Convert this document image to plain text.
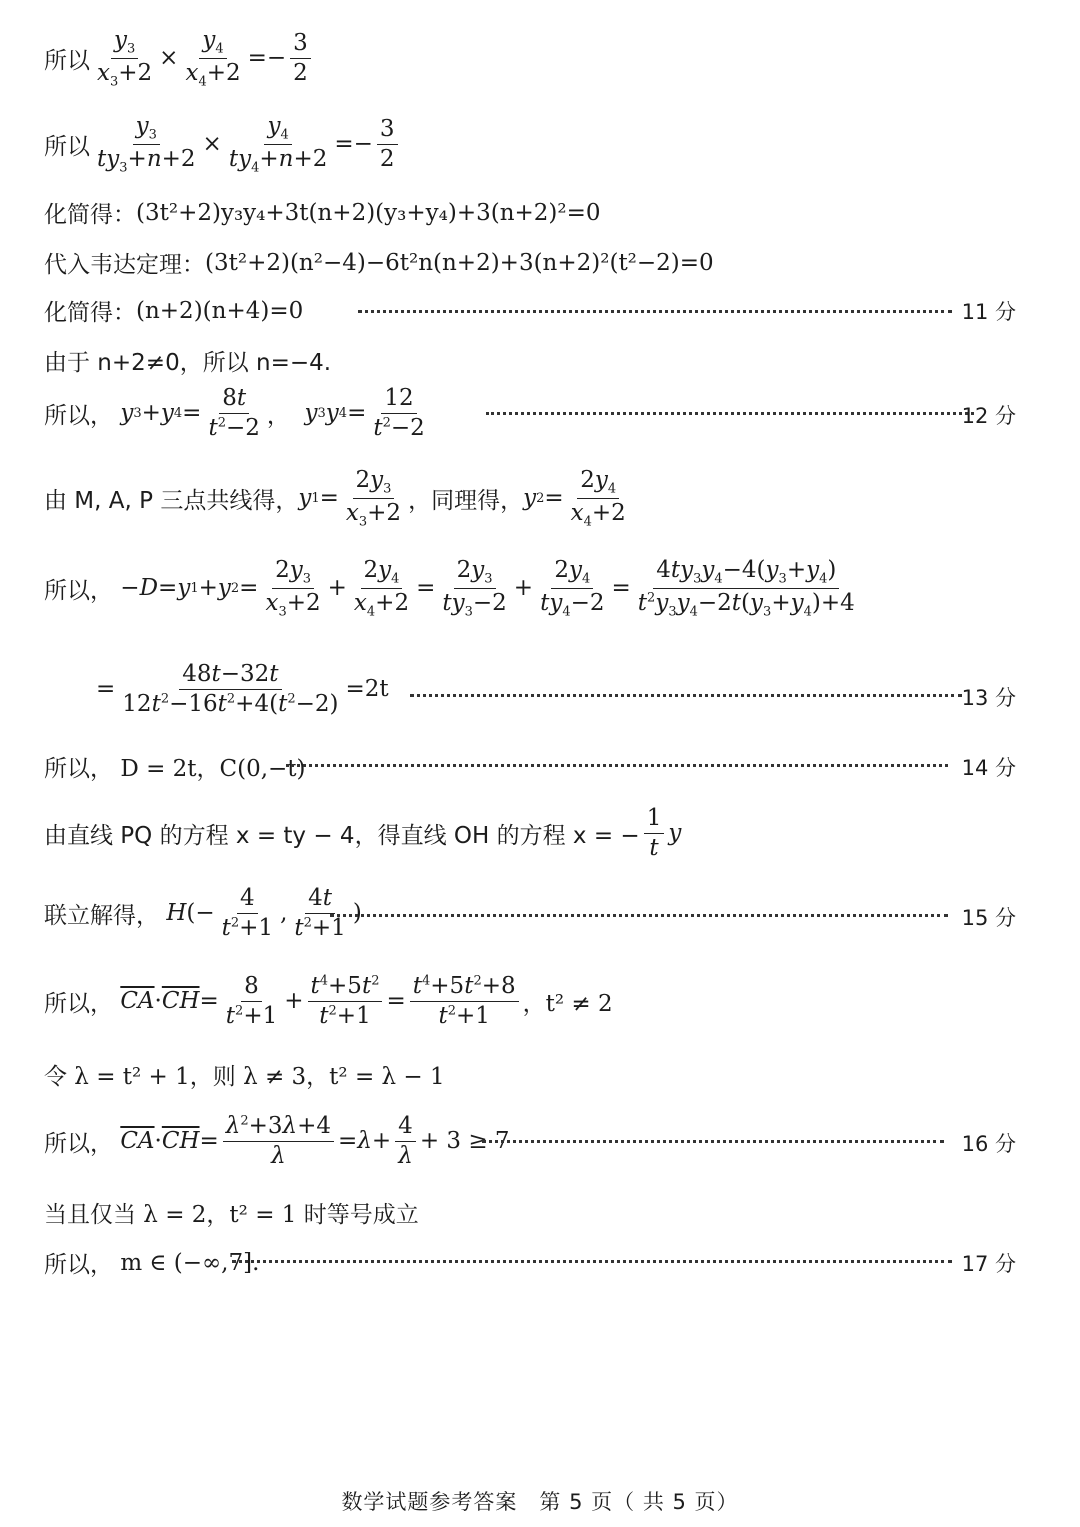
所以 $\frac{y_3}{x_3+2} \times \frac{y_4}{x_4+2} =- \frac{3}{2}$
所以 $\frac{y_3}{ty_3+n+2} \times \frac{y_4}{ty_4+n+2} =- \frac{3}{2}$
化简得： (3t²+2)y₃y₄+3t(n+2)(y₃+y₄)+3(n+2)²=0
代入韦达定理： (3t²+2)(n²−4)−6t²n(n+2)+3(n+2)²(t²−2)=0
化简得： (n+2)(n+4)=0	11 分
由于 n+2≠0，所以 n=−4.
所以，
y 3 + y $4 = \frac{8t}{t^2-2}$ ， y 3 y $4 = \frac{12}{t^2-2}$	12 分
由 M, A, P 三点共线得， y $1 = \frac{2y_3}{x_3+2}$ ，同理得， y $2 = \frac{2y_4}{x_4+2}$
所以， − D = y 1 + y $2 = \frac{2y_3}{x_3+2} + \frac{2y_4}{x_4+2} = \frac{2y_3}{ty_3-2} + \frac{2y_4}{ty_4-2} = \frac{4ty_3y_4-4(y_3+y_4)}{t^2y_3y_4-2t(y_3+y_4)+4}$
= $\frac{48t-32t}{12t^2-16t^2+4(t^2-2)} =2t$	13 分
所以，
D = 2t，C(0,−t)	14 分
由直线 PQ 的方程 x = ty − 4，得直线 OH 的方程 x = − $\frac{1}{t}$ y
联立解得，
H (− $\frac{4}{t^2+1}$ , $\frac{4t}{t^2+1}$ )	15 分
所以，
$\overline{CA} \cdot \overline{CH} = \frac{8}{t^2+1} + \frac{t^4+5t^2}{t^2+1} = \frac{t^4+5t^2+8}{t^2+1}$ ，t² ≠ 2
令 λ = t² + 1，则 λ ≠ 3，t² = λ − 1
所以，
$\overline{CA} \cdot \overline{CH} = \frac{\lambda^2+3\lambda+4}{\lambda} = \lambda + \frac{4}{\lambda} + 3 \ge 7$	16 分
当且仅当 λ = 2，t² = 1 时等号成立
所以，
m ∈ (−∞,7].	17 分
数学试题参考答案　第 5 页（ 共 5 页）
